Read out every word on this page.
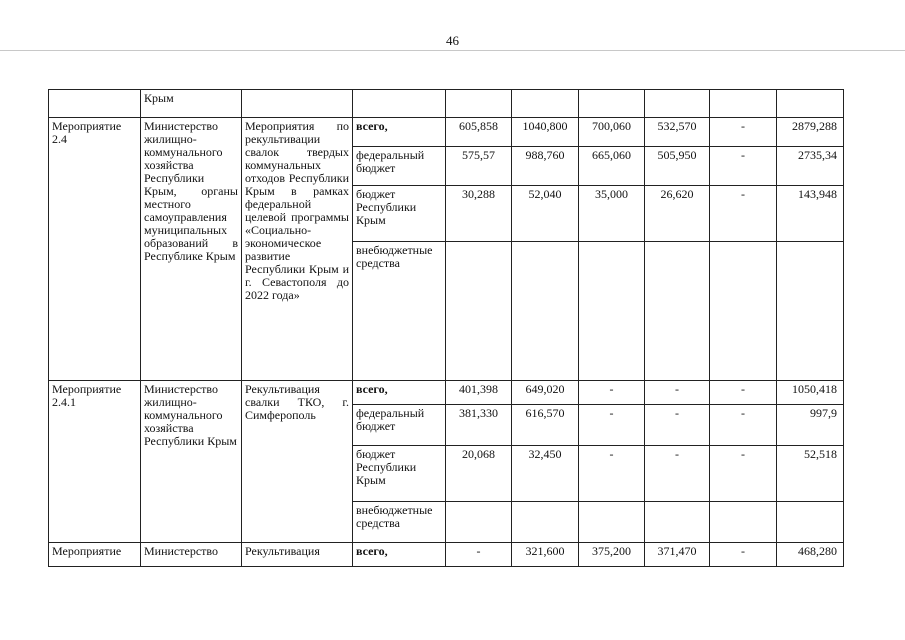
46
	Крым								
Мероприятие 2.4	Министерство жилищно-коммунального хозяйства Республики Крым, органы местного самоуправления муниципальных образований в Республике Крым	Мероприятия по рекультивации свалок твердых коммунальных отходов Республики Крым в рамках федеральной целевой программы «Социально-экономическое развитие Республики Крым и г. Севастополя до 2022 года»	всего,	605,858	1040,800	700,060	532,570	-	2879,288
			федеральный бюджет	575,57	988,760	665,060	505,950	-	2735,34
			бюджет Республики Крым	30,288	52,040	35,000	26,620	-	143,948
			внебюджетные средства						
Мероприятие 2.4.1	Министерство жилищно-коммунального хозяйства Республики Крым	Рекультивация свалки ТКО, г. Симферополь	всего,	401,398	649,020	-	-	-	1050,418
			федеральный бюджет	381,330	616,570	-	-	-	997,9
			бюджет Республики Крым	20,068	32,450	-	-	-	52,518
			внебюджетные средства						
Мероприятие	Министерство	Рекультивация	всего,	-	321,600	375,200	371,470	-	468,280
